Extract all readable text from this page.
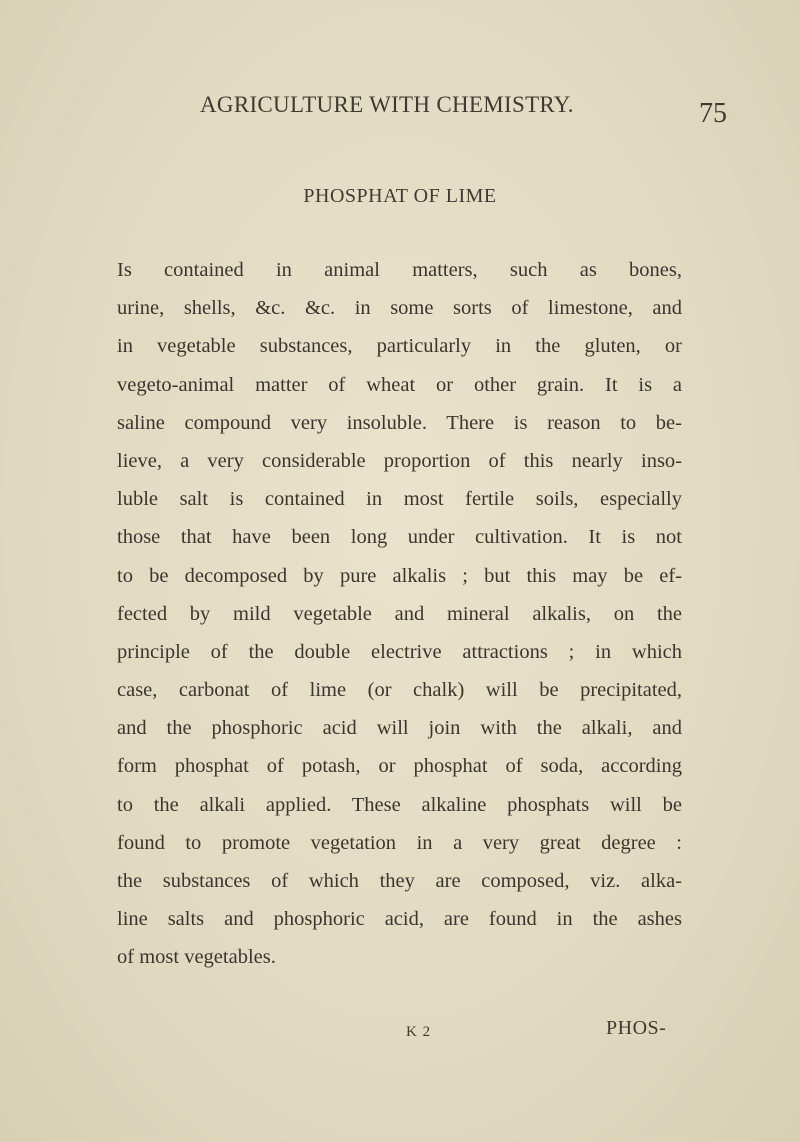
AGRICULTURE WITH CHEMISTRY.	75
PHOSPHAT OF LIME
Is contained in animal matters, such as bones,
urine, shells, &c. &c. in some sorts of limestone, and
in vegetable substances, particularly in the gluten, or
vegeto-animal matter of wheat or other grain. It is a
saline compound very insoluble. There is reason to be-
lieve, a very considerable proportion of this nearly inso-
luble salt is contained in most fertile soils, especially
those that have been long under cultivation. It is not
to be decomposed by pure alkalis ; but this may be ef-
fected by mild vegetable and mineral alkalis, on the
principle of the double electrive attractions ; in which
case, carbonat of lime (or chalk) will be precipitated,
and the phosphoric acid will join with the alkali, and
form phosphat of potash, or phosphat of soda, according
to the alkali applied. These alkaline phosphats will be
found to promote vegetation in a very great degree :
the substances of which they are composed, viz. alka-
line salts and phosphoric acid, are found in the ashes
of most vegetables.
K 2	PHOS-
